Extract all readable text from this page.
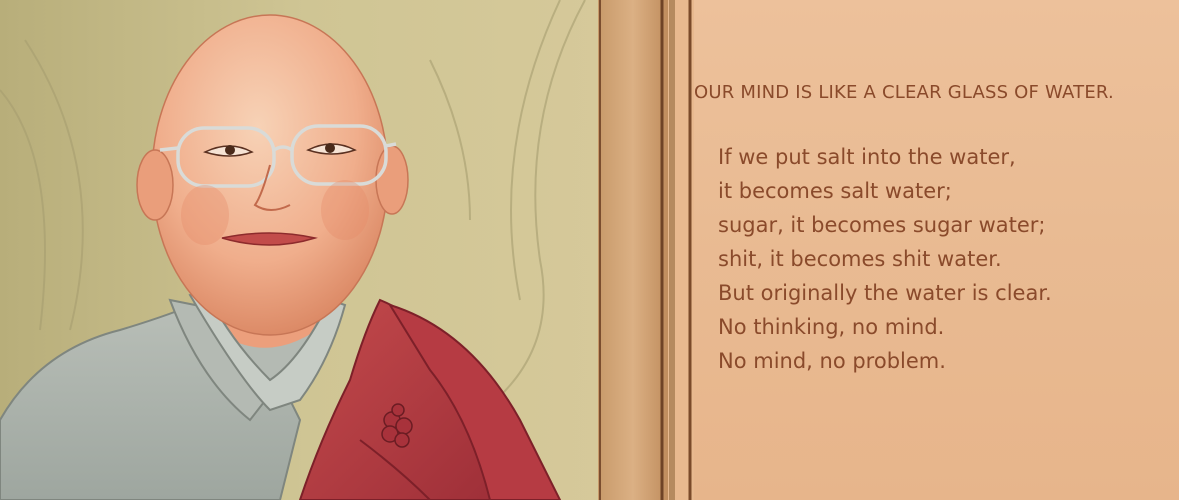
OUR MIND IS LIKE A CLEAR GLASS OF WATER.
If we put salt into the water,
it becomes salt water;
sugar, it becomes sugar water;
shit, it becomes shit water.
But originally the water is clear.
No thinking, no mind.
No mind, no problem.
